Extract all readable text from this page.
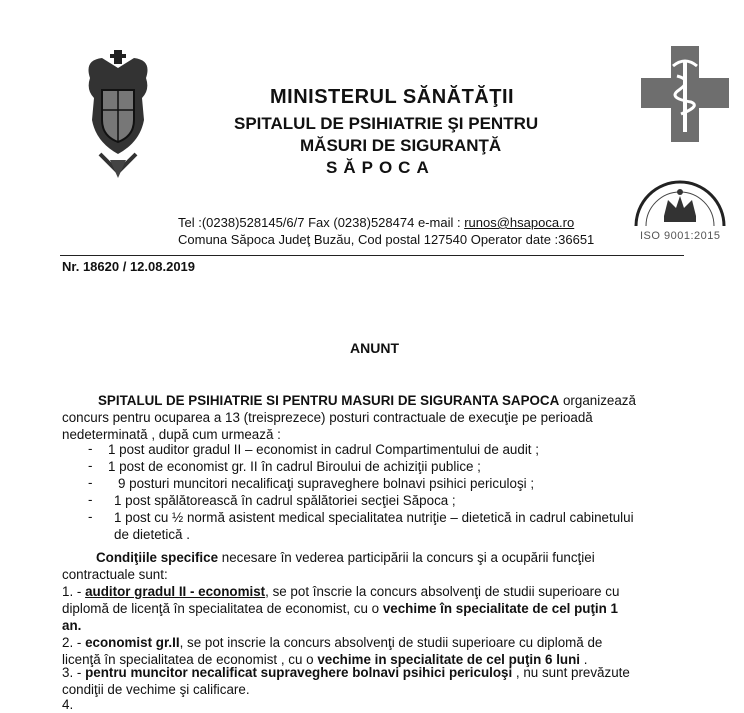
ISO 9001:2015
MINISTERUL SĂNĂTĂŢII
SPITALUL DE PSIHIATRIE ŞI PENTRU
MĂSURI DE SIGURANŢĂ
SĂPOCA
Tel :(0238)528145/6/7 Fax (0238)528474 e-mail : runos@hsapoca.ro
Comuna Săpoca Judeţ Buzău, Cod postal 127540 Operator date :36651
Nr. 18620 / 12.08.2019
ANUNT
SPITALUL DE PSIHIATRIE SI PENTRU MASURI DE SIGURANTA SAPOCA organizează
concurs pentru ocuparea a 13 (treisprezece) posturi contractuale de execuţie pe perioadă
nedeterminată , după cum urmează :
- 1 post auditor gradul II – economist in cadrul Compartimentului de audit ;
- 1 post de economist gr. II în cadrul Biroului de achiziţii publice ;
- 9 posturi muncitori necalificaţi supraveghere bolnavi psihici periculoşi ;
- 1 post spălătorească în cadrul spălătoriei secţiei Săpoca ;
- 1 post cu ½ normă asistent medical specialitatea nutriţie – dietetică in cadrul cabinetului
de dietetică .
Condiţiile specifice necesare în vederea participării la concurs şi a ocupării funcţiei
contractuale sunt:
1. - auditor gradul II - economist, se pot înscrie la concurs absolvenţi de studii superioare cu
diplomă de licenţă în specialitatea de economist, cu o vechime în specialitate de cel puţin 1
an.
2. - economist gr.II, se pot inscrie la concurs absolvenţi de studii superioare cu diplomă de
licenţă în specialitatea de economist , cu o vechime in specialitate de cel puţin 6 luni .
3. - pentru muncitor necalificat supraveghere bolnavi psihici periculoşi , nu sunt prevăzute
condiţii de vechime şi calificare.
4.
